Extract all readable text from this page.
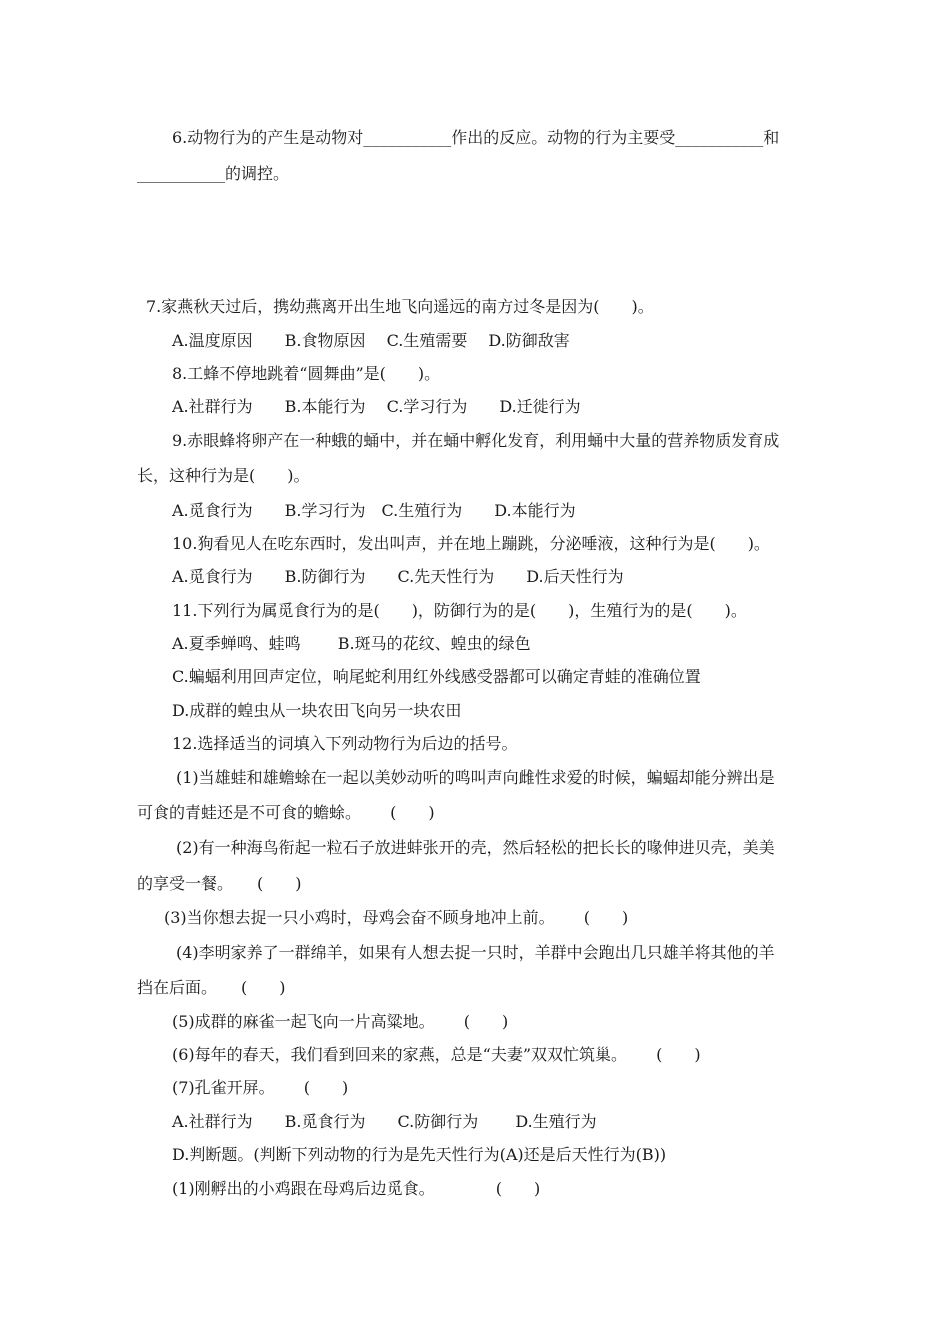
6.动物行为的产生是动物对___________作出的反应。动物的行为主要受___________和

___________的调控。

7.家燕秋天过后，携幼燕离开出生地飞向遥远的南方过冬是因为(　　)。

A.温度原因　　B.食物原因　 C.生殖需要　 D.防御敌害

8.工蜂不停地跳着“圆舞曲”是(　　)。

A.社群行为　　B.本能行为　 C.学习行为　　D.迁徙行为

9.赤眼蜂将卵产在一种蛾的蛹中，并在蛹中孵化发育，利用蛹中大量的营养物质发育成

长，这种行为是(　　)。

A.觅食行为　　B.学习行为　C.生殖行为　　D.本能行为

10.狗看见人在吃东西时，发出叫声，并在地上蹦跳，分泌唾液，这种行为是(　　)。

A.觅食行为　　B.防御行为　　C.先天性行为　　D.后天性行为

11.下列行为属觅食行为的是(　　)，防御行为的是(　　)，生殖行为的是(　　)。

A.夏季蝉鸣、蛙鸣　　 B.斑马的花纹、蝗虫的绿色

C.蝙蝠利用回声定位，响尾蛇利用红外线感受器都可以确定青蛙的准确位置

D.成群的蝗虫从一块农田飞向另一块农田

12.选择适当的词填入下列动物行为后边的括号。

(1)当雄蛙和雄蟾蜍在一起以美妙动听的鸣叫声向雌性求爱的时候，蝙蝠却能分辨出是

可食的青蛙还是不可食的蟾蜍。　　 (　　)

(2)有一种海鸟衔起一粒石子放进蚌张开的壳，然后轻松的把长长的喙伸进贝壳，美美

的享受一餐。　　(　　)

(3)当你想去捉一只小鸡时，母鸡会奋不顾身地冲上前。　　 (　　)

(4)李明家养了一群绵羊，如果有人想去捉一只时，羊群中会跑出几只雄羊将其他的羊

挡在后面。　　(　　)

(5)成群的麻雀一起飞向一片高粱地。　　 (　　)

(6)每年的春天，我们看到回来的家燕，总是“夫妻”双双忙筑巢。　　 (　　)

(7)孔雀开屏。　　 (　　)

A.社群行为　　B.觅食行为　　C.防御行为　　 D.生殖行为

D.判断题。(判断下列动物的行为是先天性行为(A)还是后天性行为(B))

(1)刚孵出的小鸡跟在母鸡后边觅食。　　　　 (　　)
